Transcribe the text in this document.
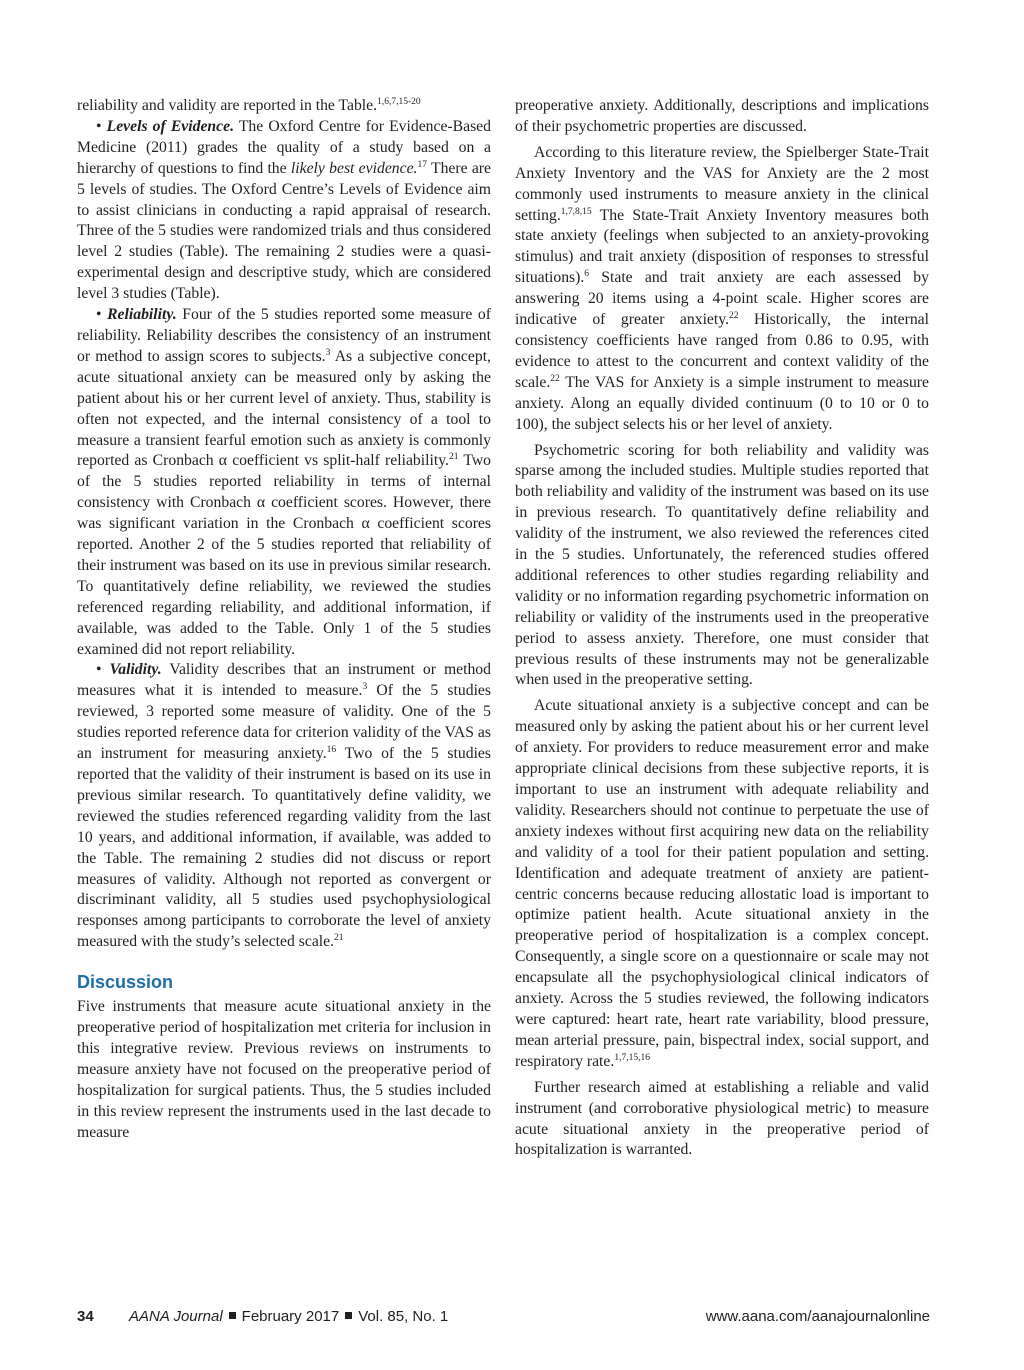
reliability and validity are reported in the Table.$^{1,6,7,15-20}$

• Levels of Evidence. The Oxford Centre for Evidence-Based Medicine (2011) grades the quality of a study based on a hierarchy of questions to find the likely best evidence.$^{17}$ There are 5 levels of studies. The Oxford Centre’s Levels of Evidence aim to assist clinicians in conducting a rapid appraisal of research. Three of the 5 studies were randomized trials and thus considered level 2 studies (Table). The remaining 2 studies were a quasi-experimental design and descriptive study, which are considered level 3 studies (Table).

• Reliability. Four of the 5 studies reported some measure of reliability. Reliability describes the consistency of an instrument or method to assign scores to subjects.$^3$ As a subjective concept, acute situational anxiety can be measured only by asking the patient about his or her current level of anxiety. Thus, stability is often not expected, and the internal consistency of a tool to measure a transient fearful emotion such as anxiety is commonly reported as Cronbach α coefficient vs split-half reliability.$^{21}$ Two of the 5 studies reported reliability in terms of internal consistency with Cronbach α coefficient scores. However, there was significant variation in the Cronbach α coefficient scores reported. Another 2 of the 5 studies reported that reliability of their instrument was based on its use in previous similar research. To quantitatively define reliability, we reviewed the studies referenced regarding reliability, and additional information, if available, was added to the Table. Only 1 of the 5 studies examined did not report reliability.

• Validity. Validity describes that an instrument or method measures what it is intended to measure.$^3$ Of the 5 studies reviewed, 3 reported some measure of validity. One of the 5 studies reported reference data for criterion validity of the VAS as an instrument for measuring anxiety.$^{16}$ Two of the 5 studies reported that the validity of their instrument is based on its use in previous similar research. To quantitatively define validity, we reviewed the studies referenced regarding validity from the last 10 years, and additional information, if available, was added to the Table. The remaining 2 studies did not discuss or report measures of validity. Although not reported as convergent or discriminant validity, all 5 studies used psychophysiological responses among participants to corroborate the level of anxiety measured with the study’s selected scale.$^{21}$

Discussion

Five instruments that measure acute situational anxiety in the preoperative period of hospitalization met criteria for inclusion in this integrative review. Previous reviews on instruments to measure anxiety have not focused on the preoperative period of hospitalization for surgical patients. Thus, the 5 studies included in this review represent the instruments used in the last decade to measure

preoperative anxiety. Additionally, descriptions and implications of their psychometric properties are discussed.

According to this literature review, the Spielberger State-Trait Anxiety Inventory and the VAS for Anxiety are the 2 most commonly used instruments to measure anxiety in the clinical setting.$^{1,7,8,15}$ The State-Trait Anxiety Inventory measures both state anxiety (feelings when subjected to an anxiety-provoking stimulus) and trait anxiety (disposition of responses to stressful situations).$^6$ State and trait anxiety are each assessed by answering 20 items using a 4-point scale. Higher scores are indicative of greater anxiety.$^{22}$ Historically, the internal consistency coefficients have ranged from 0.86 to 0.95, with evidence to attest to the concurrent and context validity of the scale.$^{22}$ The VAS for Anxiety is a simple instrument to measure anxiety. Along an equally divided continuum (0 to 10 or 0 to 100), the subject selects his or her level of anxiety.

Psychometric scoring for both reliability and validity was sparse among the included studies. Multiple studies reported that both reliability and validity of the instrument was based on its use in previous research. To quantitatively define reliability and validity of the instrument, we also reviewed the references cited in the 5 studies. Unfortunately, the referenced studies offered additional references to other studies regarding reliability and validity or no information regarding psychometric information on reliability or validity of the instruments used in the preoperative period to assess anxiety. Therefore, one must consider that previous results of these instruments may not be generalizable when used in the preoperative setting.

Acute situational anxiety is a subjective concept and can be measured only by asking the patient about his or her current level of anxiety. For providers to reduce measurement error and make appropriate clinical decisions from these subjective reports, it is important to use an instrument with adequate reliability and validity. Researchers should not continue to perpetuate the use of anxiety indexes without first acquiring new data on the reliability and validity of a tool for their patient population and setting. Identification and adequate treatment of anxiety are patient-centric concerns because reducing allostatic load is important to optimize patient health. Acute situational anxiety in the preoperative period of hospitalization is a complex concept. Consequently, a single score on a questionnaire or scale may not encapsulate all the psychophysiological clinical indicators of anxiety. Across the 5 studies reviewed, the following indicators were captured: heart rate, heart rate variability, blood pressure, mean arterial pressure, pain, bispectral index, social support, and respiratory rate.$^{1,7,15,16}$

Further research aimed at establishing a reliable and valid instrument (and corroborative physiological metric) to measure acute situational anxiety in the preoperative period of hospitalization is warranted.

34 AANA Journal February 2017 Vol. 85, No. 1	www.aana.com/aanajournalonline
